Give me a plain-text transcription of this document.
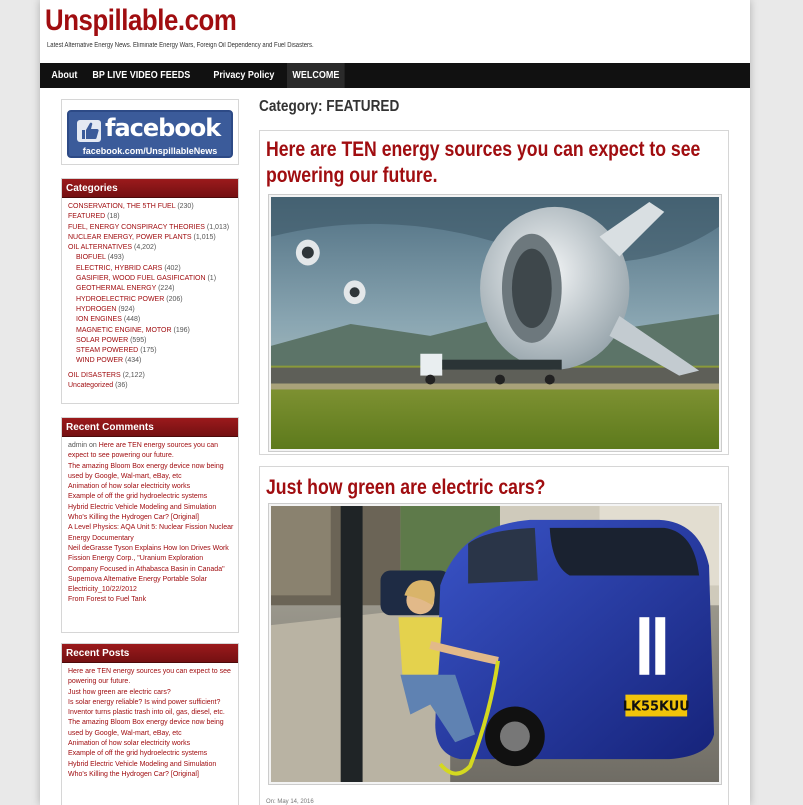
Unspillable.com
Latest Alternative Energy News. Eliminate Energy Wars, Foreign Oil Dependency and Fuel Disasters.
About	BP LIVE VIDEO FEEDS	Privacy Policy	WELCOME
facebook
facebook.com/UnspillableNews
Categories
CONSERVATION, THE 5TH FUEL (230)
FEATURED (18)
FUEL, ENERGY CONSPIRACY THEORIES (1,013)
NUCLEAR ENERGY, POWER PLANTS (1,015)
OIL ALTERNATIVES (4,202)
BIOFUEL (493)
ELECTRIC, HYBRID CARS (402)
GASIFIER, WOOD FUEL GASIFICATION (1)
GEOTHERMAL ENERGY (224)
HYDROELECTRIC POWER (206)
HYDROGEN (924)
ION ENGINES (448)
MAGNETIC ENGINE, MOTOR (196)
SOLAR POWER (595)
STEAM POWERED (175)
WIND POWER (434)
OIL DISASTERS (2,122)
Uncategorized (36)
Recent Comments
admin on Here are TEN energy sources you can expect to see powering our future.
The amazing Bloom Box energy device now being used by Google, Wal-mart, eBay, etc
Animation of how solar electricity works
Example of off the grid hydroelectric systems
Hybrid Electric Vehicle Modeling and Simulation
Who's Killing the Hydrogen Car? [Original]
A Level Physics: AQA Unit 5: Nuclear Fission Nuclear Energy Documentary
Neil deGrasse Tyson Explains How Ion Drives Work
Fission Energy Corp., "Uranium Exploration Company Focused in Athabasca Basin in Canada"
Supernova Alternative Energy Portable Solar Electricity_10/22/2012
From Forest to Fuel Tank
Recent Posts
Here are TEN energy sources you can expect to see powering our future.
Just how green are electric cars?
Is solar energy reliable? Is wind power sufficient?
Inventor turns plastic trash into oil, gas, diesel, etc.
The amazing Bloom Box energy device now being used by Google, Wal-mart, eBay, etc
Animation of how solar electricity works
Example of off the grid hydroelectric systems
Hybrid Electric Vehicle Modeling and Simulation
Who's Killing the Hydrogen Car? [Original]
Category: FEATURED
Here are TEN energy sources you can expect to see powering our future.
Just how green are electric cars?
LK55KUU
On: May 14, 2016
